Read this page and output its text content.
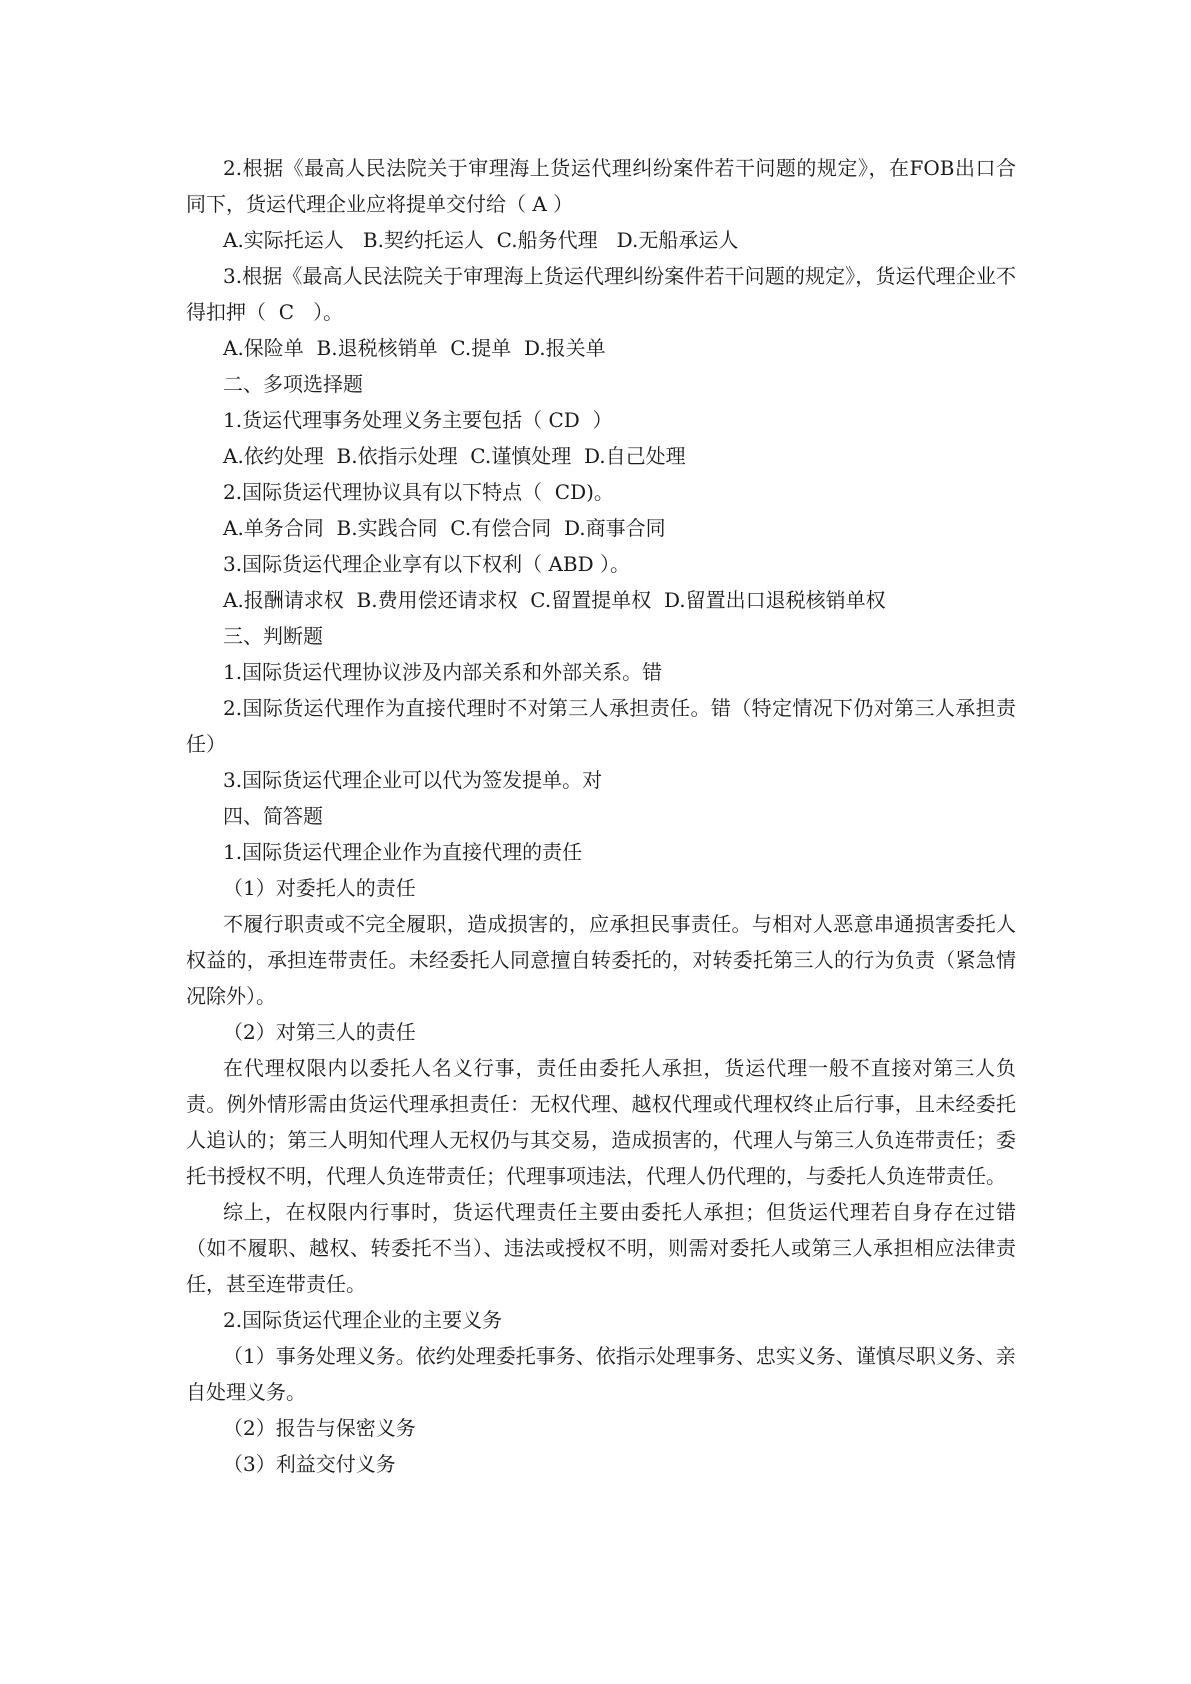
2.根据《最高人民法院关于审理海上货运代理纠纷案件若干问题的规定》，在FOB出口合同下，货运代理企业应将提单交付给（ A ）

A.实际托运人   B.契约托运人  C.船务代理   D.无船承运人

3.根据《最高人民法院关于审理海上货运代理纠纷案件若干问题的规定》，货运代理企业不得扣押（  C   ）。

A.保险单  B.退税核销单  C.提单  D.报关单

二、多项选择题

1.货运代理事务处理义务主要包括（ CD  ）

A.依约处理  B.依指示处理  C.谨慎处理  D.自己处理

2.国际货运代理协议具有以下特点（  CD)。

A.单务合同  B.实践合同  C.有偿合同  D.商事合同

3.国际货运代理企业享有以下权利（ ABD ）。

A.报酬请求权  B.费用偿还请求权  C.留置提单权  D.留置出口退税核销单权

三、判断题

1.国际货运代理协议涉及内部关系和外部关系。错

2.国际货运代理作为直接代理时不对第三人承担责任。错（特定情况下仍对第三人承担责任）

3.国际货运代理企业可以代为签发提单。对

四、简答题

1.国际货运代理企业作为直接代理的责任

（1）对委托人的责任

不履行职责或不完全履职，造成损害的，应承担民事责任。与相对人恶意串通损害委托人权益的，承担连带责任。未经委托人同意擅自转委托的，对转委托第三人的行为负责（紧急情况除外）。

（2）对第三人的责任

在代理权限内以委托人名义行事，责任由委托人承担，货运代理一般不直接对第三人负责。例外情形需由货运代理承担责任：无权代理、越权代理或代理权终止后行事，且未经委托人追认的；第三人明知代理人无权仍与其交易，造成损害的，代理人与第三人负连带责任；委托书授权不明，代理人负连带责任；代理事项违法，代理人仍代理的，与委托人负连带责任。

综上，在权限内行事时，货运代理责任主要由委托人承担；但货运代理若自身存在过错（如不履职、越权、转委托不当）、违法或授权不明，则需对委托人或第三人承担相应法律责任，甚至连带责任。

2.国际货运代理企业的主要义务

（1）事务处理义务。依约处理委托事务、依指示处理事务、忠实义务、谨慎尽职义务、亲自处理义务。

（2）报告与保密义务

（3）利益交付义务
